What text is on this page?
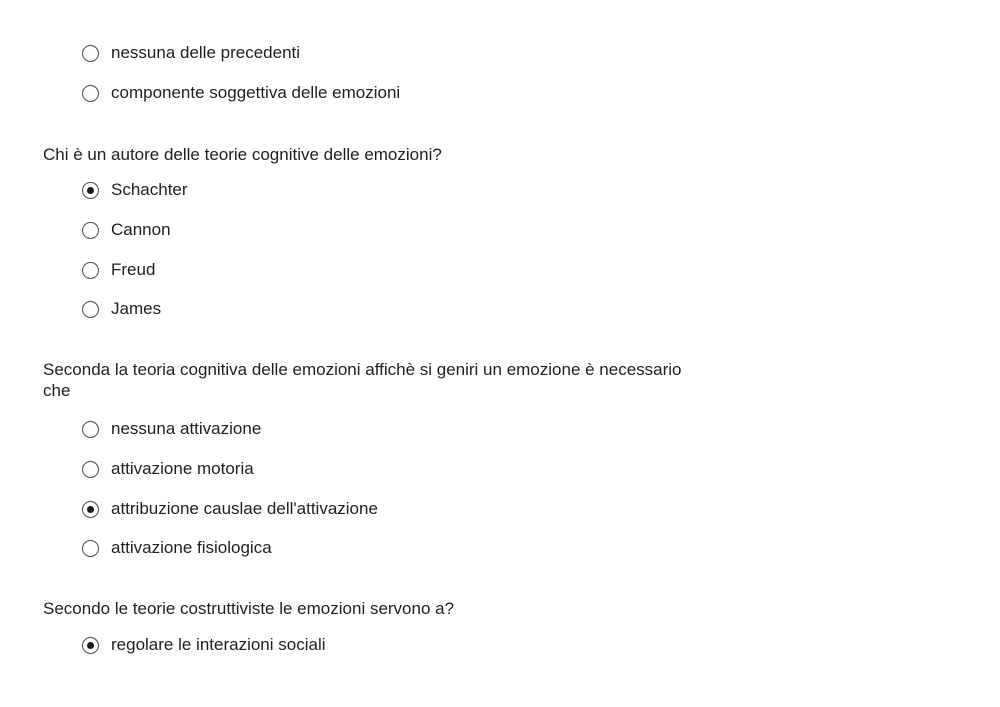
nessuna delle precedenti
componente soggettiva delle emozioni
Chi è un autore delle teorie cognitive delle emozioni?
Schachter
Cannon
Freud
James
Seconda la teoria cognitiva delle emozioni affichè si geniri un emozione è necessario che
nessuna attivazione
attivazione motoria
attribuzione causlae dell'attivazione
attivazione fisiologica
Secondo le teorie costruttiviste le emozioni servono a?
regolare le interazioni sociali
